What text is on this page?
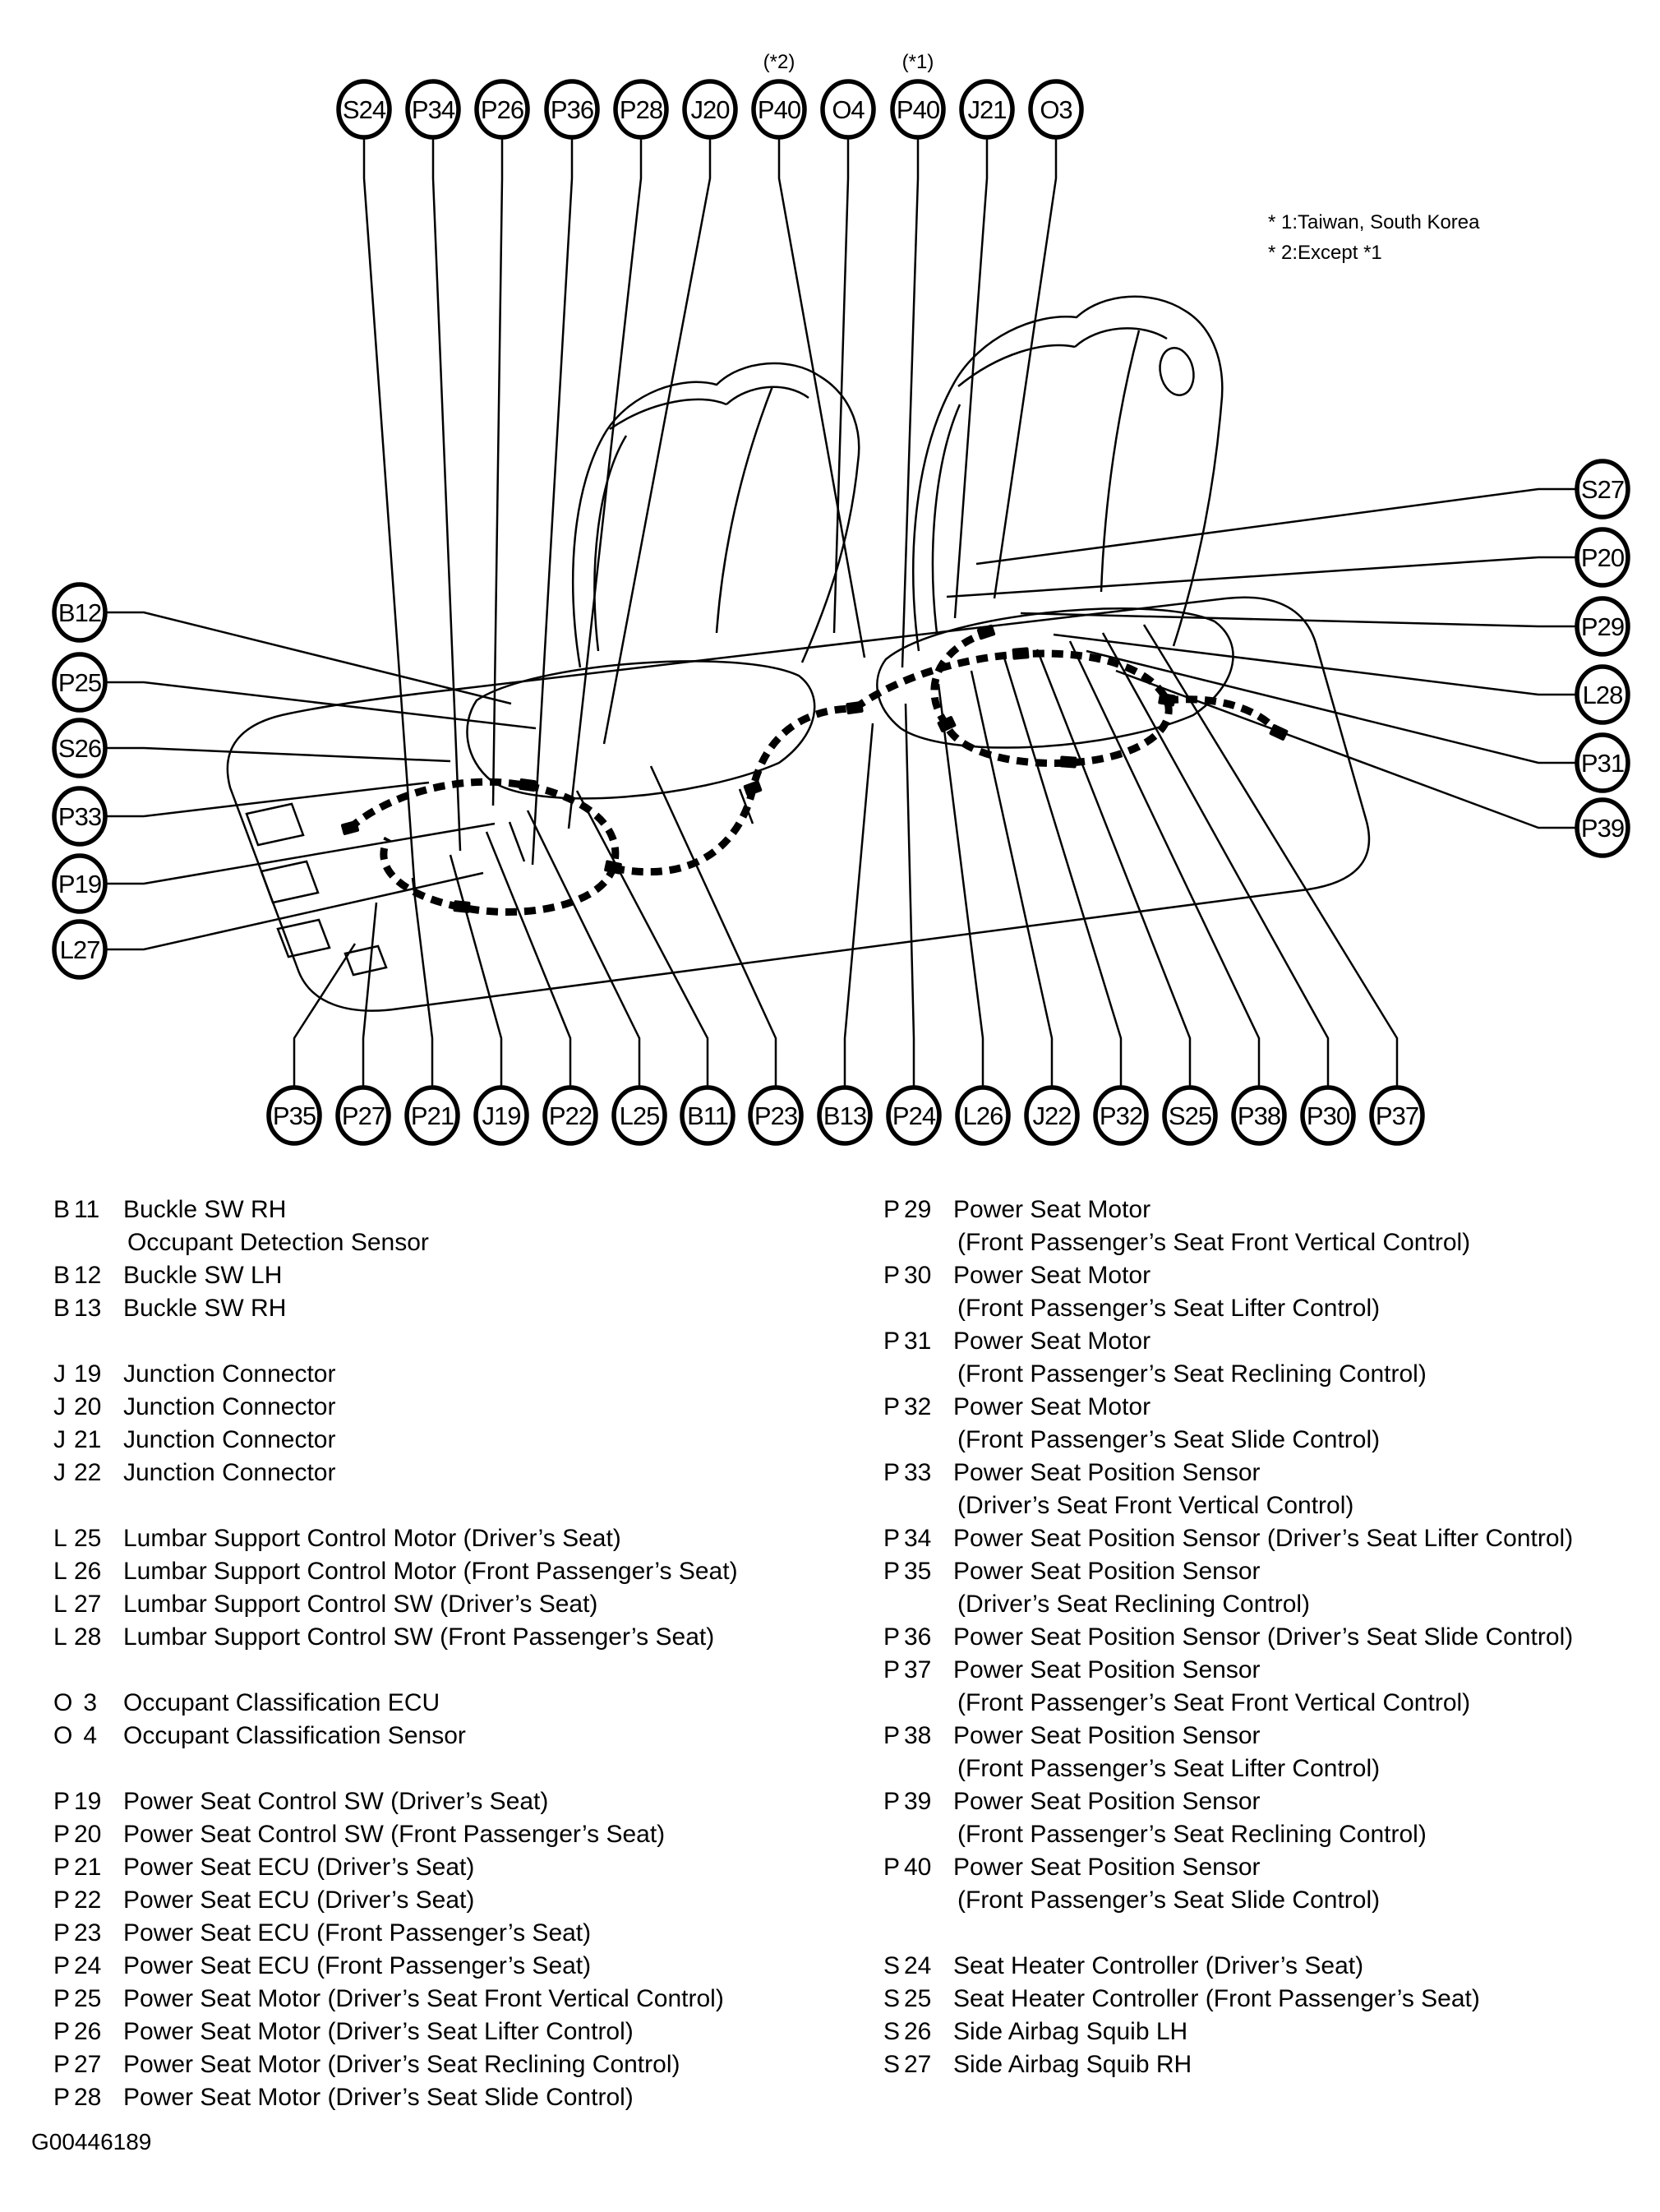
S24 P34 P26 P36 P28 J20 P40
(*2)
O4 P40
(*1)
J21 O3
B12
P25
S26
P33
P19
L27
S27
P20
P29
L28
P31
P39
P35 P27 P21 J19 P22 L25 B11 P23 B13 P24 L26 J22 P32 S25 P38 P30 P37
* 1:Taiwan, South Korea
* 2:Except *1
B 11 Buckle SW RH
Occupant Detection Sensor
B 12 Buckle SW LH
B 13 Buckle SW RH
J 19 Junction Connector
J 20 Junction Connector
J 21 Junction Connector
J 22 Junction Connector
L 25 Lumbar Support Control Motor (Driver’s Seat)
L 26 Lumbar Support Control Motor (Front Passenger’s Seat)
L 27 Lumbar Support Control SW (Driver’s Seat)
L 28 Lumbar Support Control SW (Front Passenger’s Seat)
O 3 Occupant Classification ECU
O 4 Occupant Classification Sensor
P 19 Power Seat Control SW (Driver’s Seat)
P 20 Power Seat Control SW (Front Passenger’s Seat)
P 21 Power Seat ECU (Driver’s Seat)
P 22 Power Seat ECU (Driver’s Seat)
P 23 Power Seat ECU (Front Passenger’s Seat)
P 24 Power Seat ECU (Front Passenger’s Seat)
P 25 Power Seat Motor (Driver’s Seat Front Vertical Control)
P 26 Power Seat Motor (Driver’s Seat Lifter Control)
P 27 Power Seat Motor (Driver’s Seat Reclining Control)
P 28 Power Seat Motor (Driver’s Seat Slide Control)
P 29 Power Seat Motor
(Front Passenger’s Seat Front Vertical Control)
P 30 Power Seat Motor
(Front Passenger’s Seat Lifter Control)
P 31 Power Seat Motor
(Front Passenger’s Seat Reclining Control)
P 32 Power Seat Motor
(Front Passenger’s Seat Slide Control)
P 33 Power Seat Position Sensor
(Driver’s Seat Front Vertical Control)
P 34 Power Seat Position Sensor (Driver’s Seat Lifter Control)
P 35 Power Seat Position Sensor
(Driver’s Seat Reclining Control)
P 36 Power Seat Position Sensor (Driver’s Seat Slide Control)
P 37 Power Seat Position Sensor
(Front Passenger’s Seat Front Vertical Control)
P 38 Power Seat Position Sensor
(Front Passenger’s Seat Lifter Control)
P 39 Power Seat Position Sensor
(Front Passenger’s Seat Reclining Control)
P 40 Power Seat Position Sensor
(Front Passenger’s Seat Slide Control)
S 24 Seat Heater Controller (Driver’s Seat)
S 25 Seat Heater Controller (Front Passenger’s Seat)
S 26 Side Airbag Squib LH
S 27 Side Airbag Squib RH
G00446189
